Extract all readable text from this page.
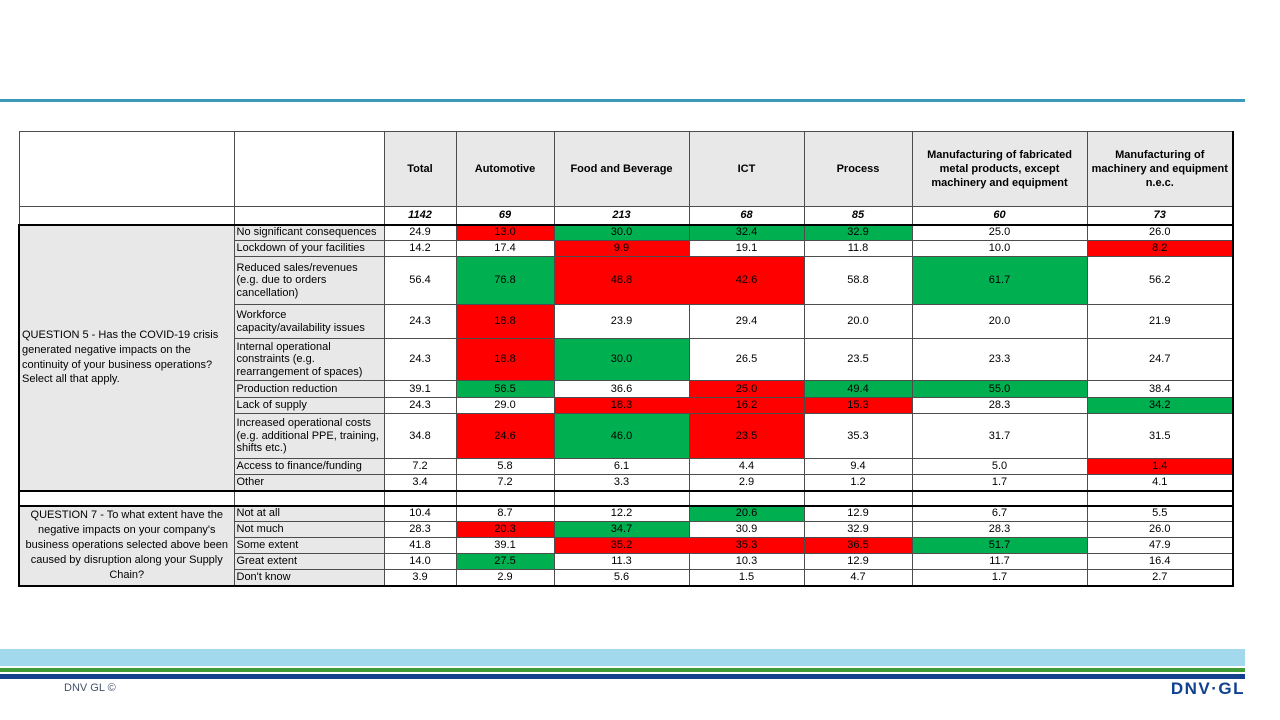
		Total	Automotive	Food and Beverage	ICT	Process	Manufacturing of fabricated metal products, except machinery and equipment	Manufacturing of machinery and equipment n.e.c.
		1142	69	213	68	85	60	73
QUESTION 5 - Has the COVID-19 crisis generated negative impacts on the continuity of your business operations? Select all that apply.	No significant consequences	24.9	13.0	30.0	32.4	32.9	25.0	26.0
	Lockdown of your facilities	14.2	17.4	9.9	19.1	11.8	10.0	8.2
	Reduced sales/revenues (e.g. due to orders cancellation)	56.4	76.8	48.8	42.6	58.8	61.7	56.2
	Workforce capacity/availability issues	24.3	18.8	23.9	29.4	20.0	20.0	21.9
	Internal operational constraints (e.g. rearrangement of spaces)	24.3	18.8	30.0	26.5	23.5	23.3	24.7
	Production reduction	39.1	56.5	36.6	25.0	49.4	55.0	38.4
	Lack of supply	24.3	29.0	18.3	16.2	15.3	28.3	34.2
	Increased operational costs (e.g. additional PPE, training, shifts etc.)	34.8	24.6	46.0	23.5	35.3	31.7	31.5
	Access to finance/funding	7.2	5.8	6.1	4.4	9.4	5.0	1.4
	Other	3.4	7.2	3.3	2.9	1.2	1.7	4.1

QUESTION 7 - To what extent have the negative impacts on your company's business operations selected above been caused by disruption along your Supply Chain?	Not at all	10.4	8.7	12.2	20.6	12.9	6.7	5.5
	Not much	28.3	20.3	34.7	30.9	32.9	28.3	26.0
	Some extent	41.8	39.1	35.2	35.3	36.5	51.7	47.9
	Great extent	14.0	27.5	11.3	10.3	12.9	11.7	16.4
	Don't know	3.9	2.9	5.6	1.5	4.7	1.7	2.7
DNV GL ©	DNV·GL
